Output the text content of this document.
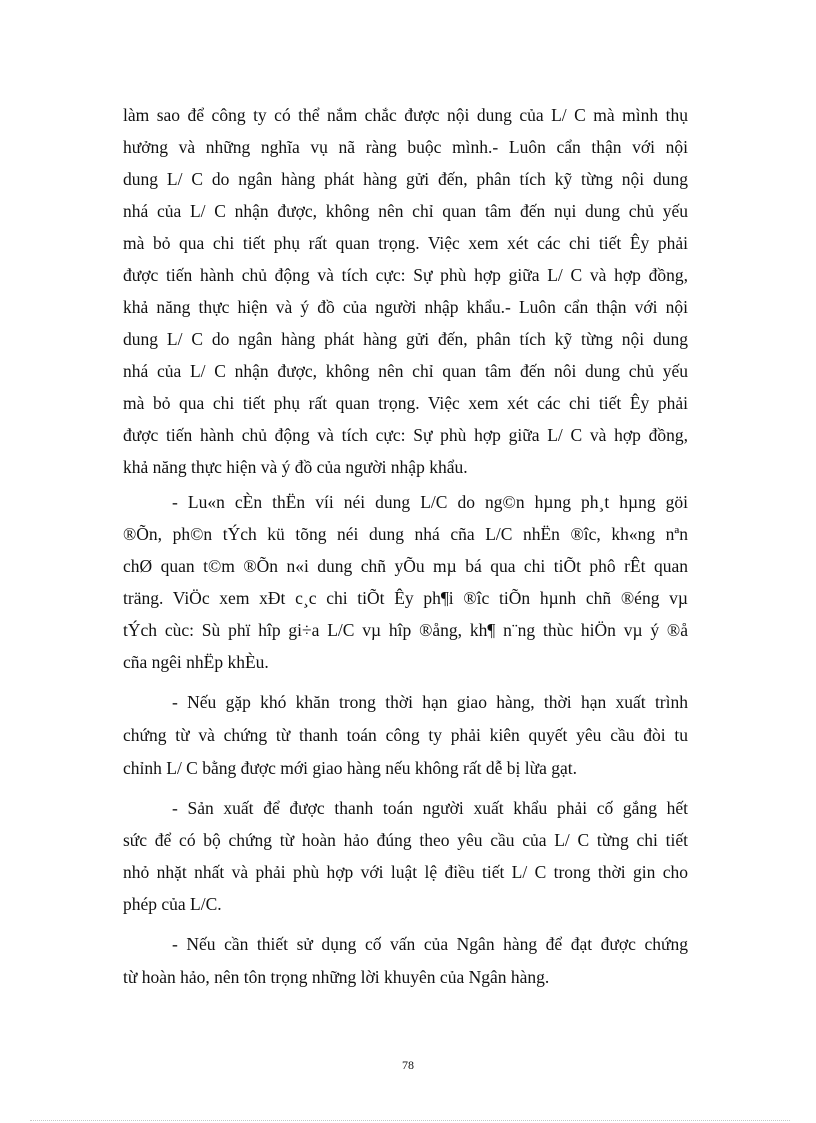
làm sao để công ty có thể nắm chắc được nội dung của L/ C mà mình thụ
hưởng và những nghĩa vụ nã ràng buộc mình.- Luôn cẩn thận với nội
dung L/ C do ngân hàng phát hàng gửi đến, phân tích kỹ từng nội dung
nhá của L/ C nhận được, không nên chỉ quan tâm đến nụi dung chủ yếu
mà bỏ qua chi tiết phụ rất quan trọng. Việc xem xét các chi tiết Êy phải
được tiến hành chủ động và tích cực: Sự phù hợp giữa L/ C và hợp đồng,
khả năng thực hiện và ý đồ của người nhập khẩu.- Luôn cẩn thận với nội
dung L/ C do ngân hàng phát hàng gửi đến, phân tích kỹ từng nội dung
nhá của L/ C nhận được, không nên chỉ quan tâm đến nôi dung chủ yếu
mà bỏ qua chi tiết phụ rất quan trọng. Việc xem xét các chi tiết Êy phải
được tiến hành chủ động và tích cực: Sự phù hợp giữa L/ C và hợp đồng,
khả năng thực hiện và ý đồ của người nhập khẩu.
- Lu«n cÈn thËn víi néi dung L/C do ng©n hµng ph¸t hµng göi
®Õn, ph©n tÝch kü tõng néi dung nhá cña L/C nhËn ®îc, kh«ng nªn
chØ quan t©m ®Õn n«i dung chñ yÕu mµ bá qua chi tiÕt phô rÊt quan
träng. ViÖc xem xÐt c¸c chi tiÕt Êy ph¶i ®îc tiÕn hµnh chñ ®éng vµ
tÝch cùc: Sù phï hîp gi÷a L/C vµ hîp ®ång, kh¶ n¨ng thùc hiÖn vµ ý ®å
cña ngêi nhËp khÈu.
- Nếu gặp khó khăn trong thời hạn giao hàng, thời hạn xuất trình
chứng từ và chứng từ thanh toán công ty phải kiên quyết yêu cầu đòi tu
chỉnh L/ C bằng được mới giao hàng nếu không rất dễ bị lừa gạt.
- Sản xuất để được thanh toán người xuất khẩu phải cố gắng hết
sức để có bộ chứng từ hoàn hảo đúng theo yêu cầu của L/ C từng chi tiết
nhỏ nhặt nhất và phải phù hợp với luật lệ điều tiết L/ C trong thời gin cho
phép của L/C.
- Nếu cần thiết sử dụng cố vấn của Ngân hàng để đạt được chứng
từ hoàn hảo, nên tôn trọng những lời khuyên của Ngân hàng.
78
